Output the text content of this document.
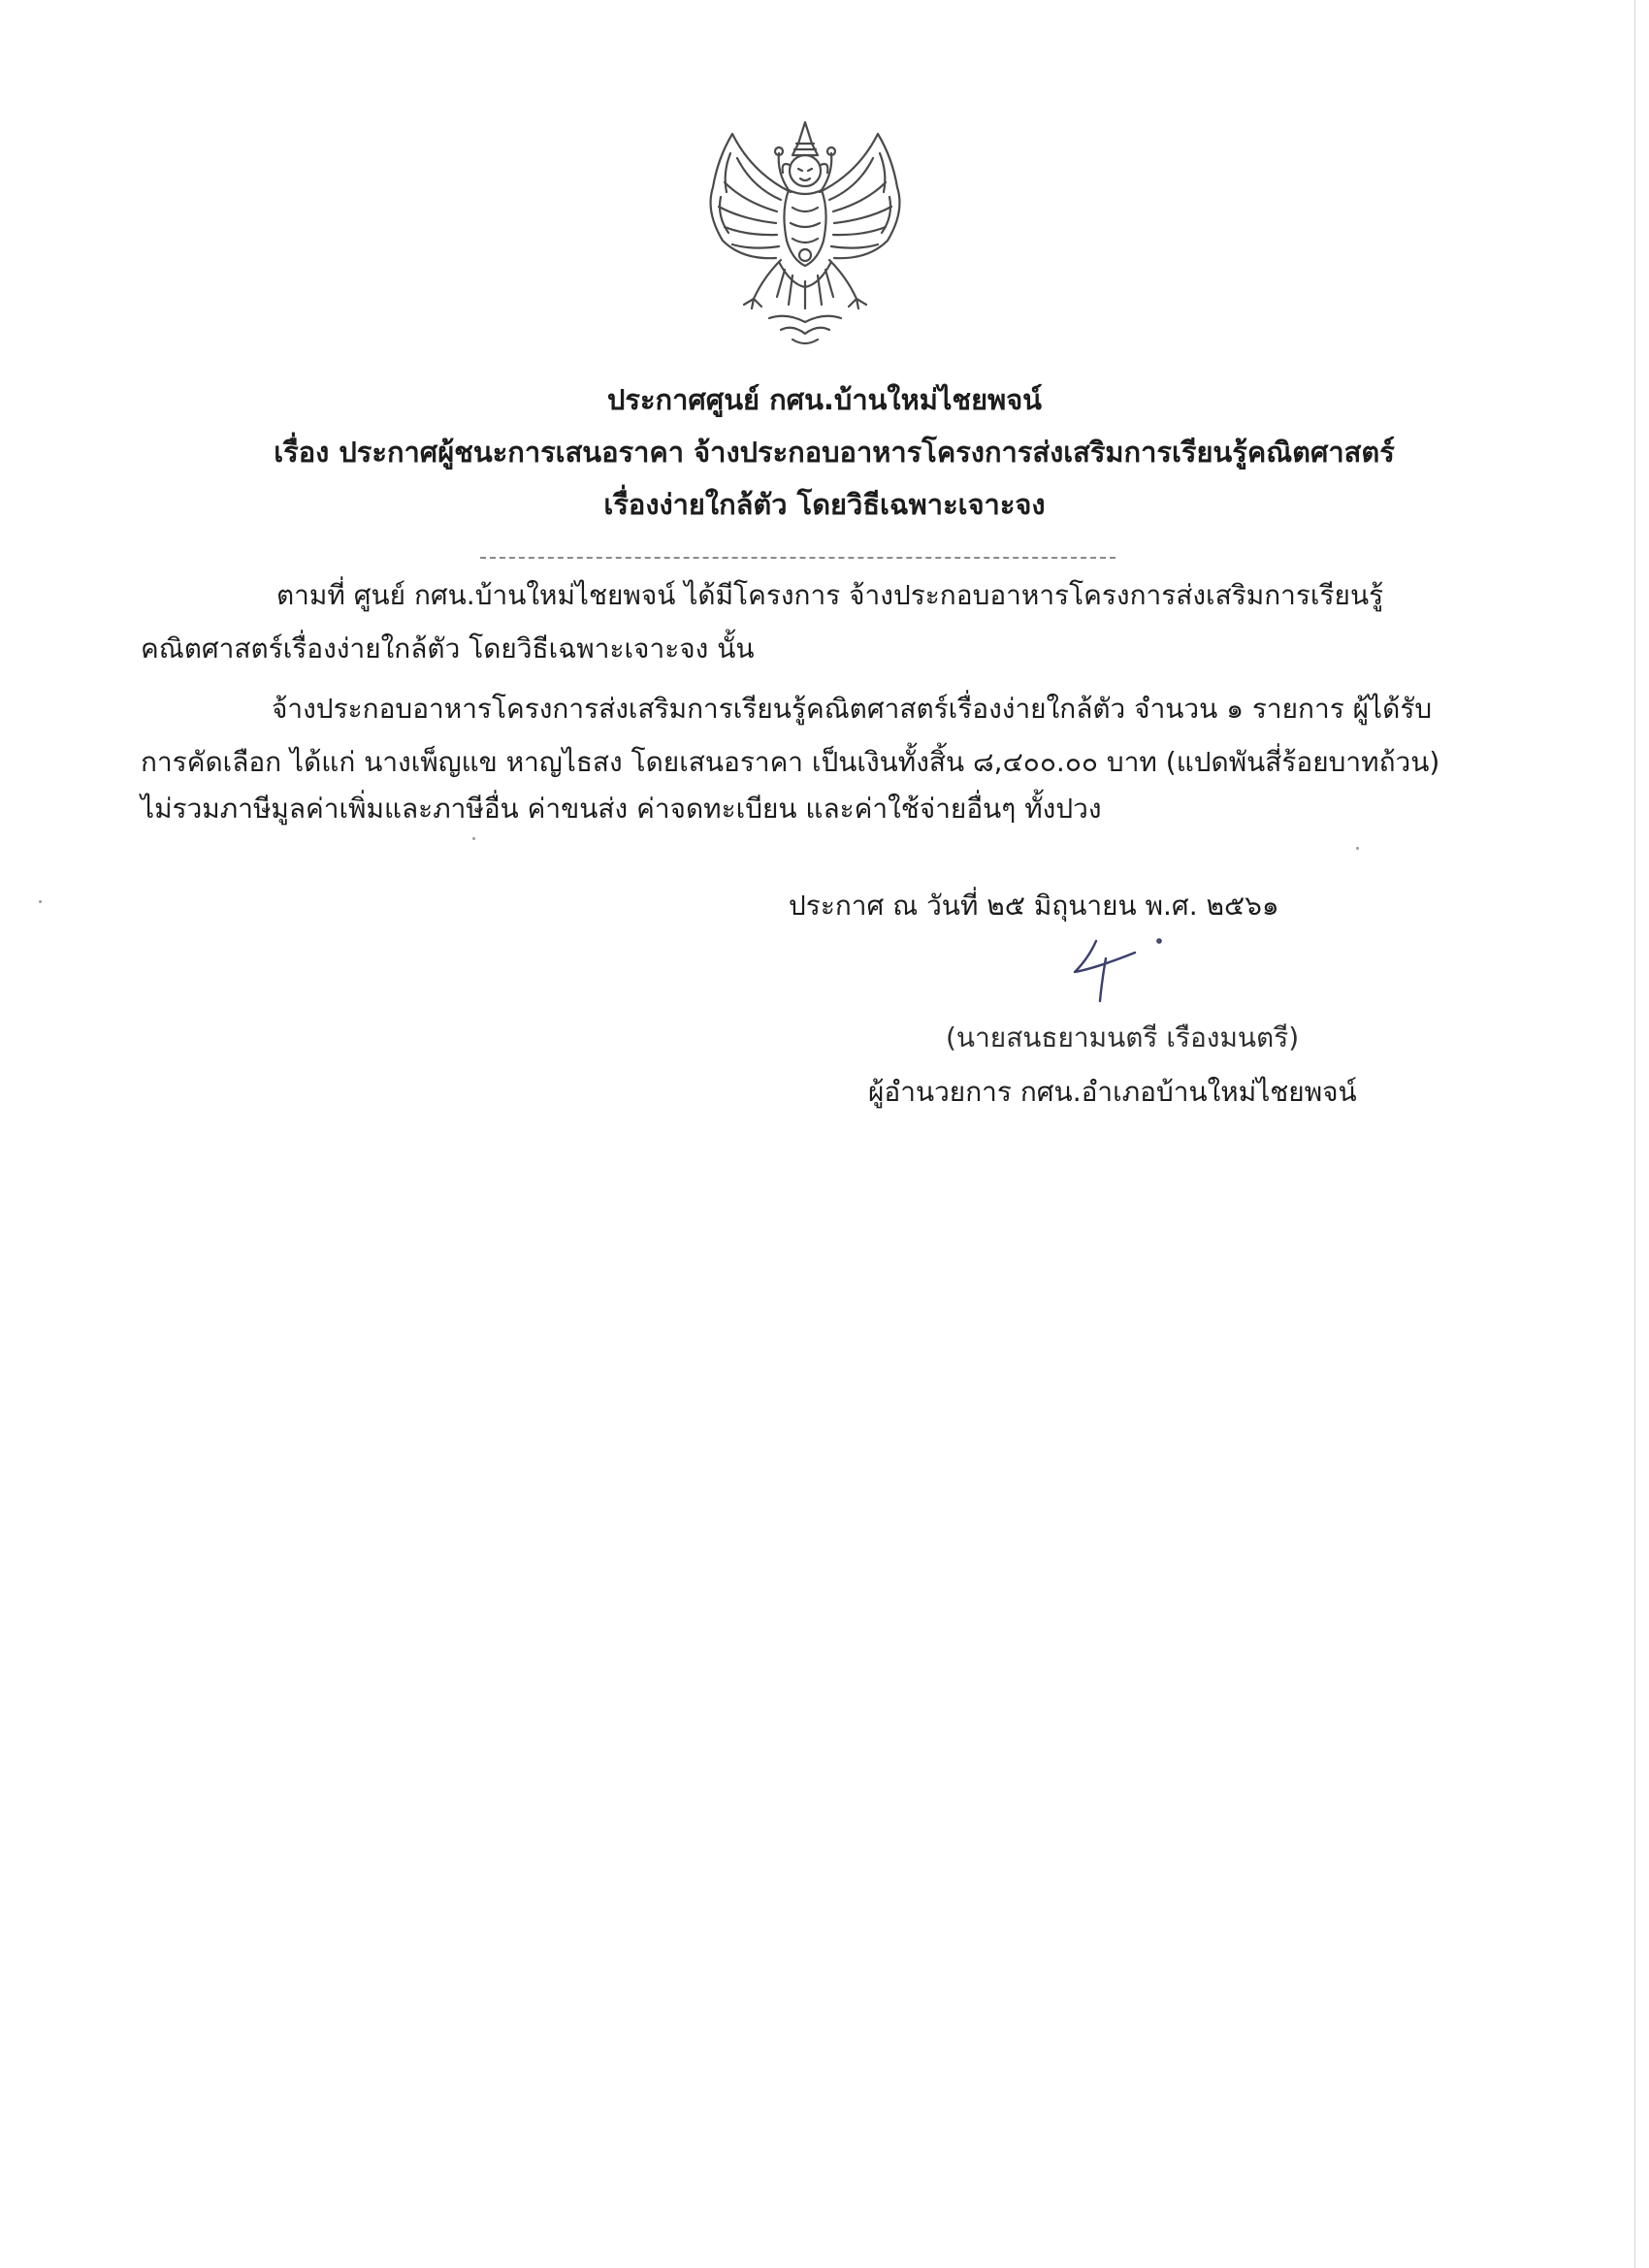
ประกาศศูนย์ กศน.บ้านใหม่ไชยพจน์
เรื่อง ประกาศผู้ชนะการเสนอราคา จ้างประกอบอาหารโครงการส่งเสริมการเรียนรู้คณิตศาสตร์
เรื่องง่ายใกล้ตัว โดยวิธีเฉพาะเจาะจง
ตามที่ ศูนย์ กศน.บ้านใหม่ไชยพจน์ ได้มีโครงการ จ้างประกอบอาหารโครงการส่งเสริมการเรียนรู้
คณิตศาสตร์เรื่องง่ายใกล้ตัว โดยวิธีเฉพาะเจาะจง นั้น
จ้างประกอบอาหารโครงการส่งเสริมการเรียนรู้คณิตศาสตร์เรื่องง่ายใกล้ตัว จำนวน ๑ รายการ ผู้ได้รับ
การคัดเลือก ได้แก่ นางเพ็ญแข หาญไธสง โดยเสนอราคา เป็นเงินทั้งสิ้น ๘,๔๐๐.๐๐ บาท (แปดพันสี่ร้อยบาทถ้วน)
ไม่รวมภาษีมูลค่าเพิ่มและภาษีอื่น ค่าขนส่ง ค่าจดทะเบียน และค่าใช้จ่ายอื่นๆ ทั้งปวง
ประกาศ ณ วันที่ ๒๕ มิถุนายน พ.ศ. ๒๕๖๑
(นายสนธยามนตรี เรืองมนตรี)
ผู้อำนวยการ กศน.อำเภอบ้านใหม่ไชยพจน์
